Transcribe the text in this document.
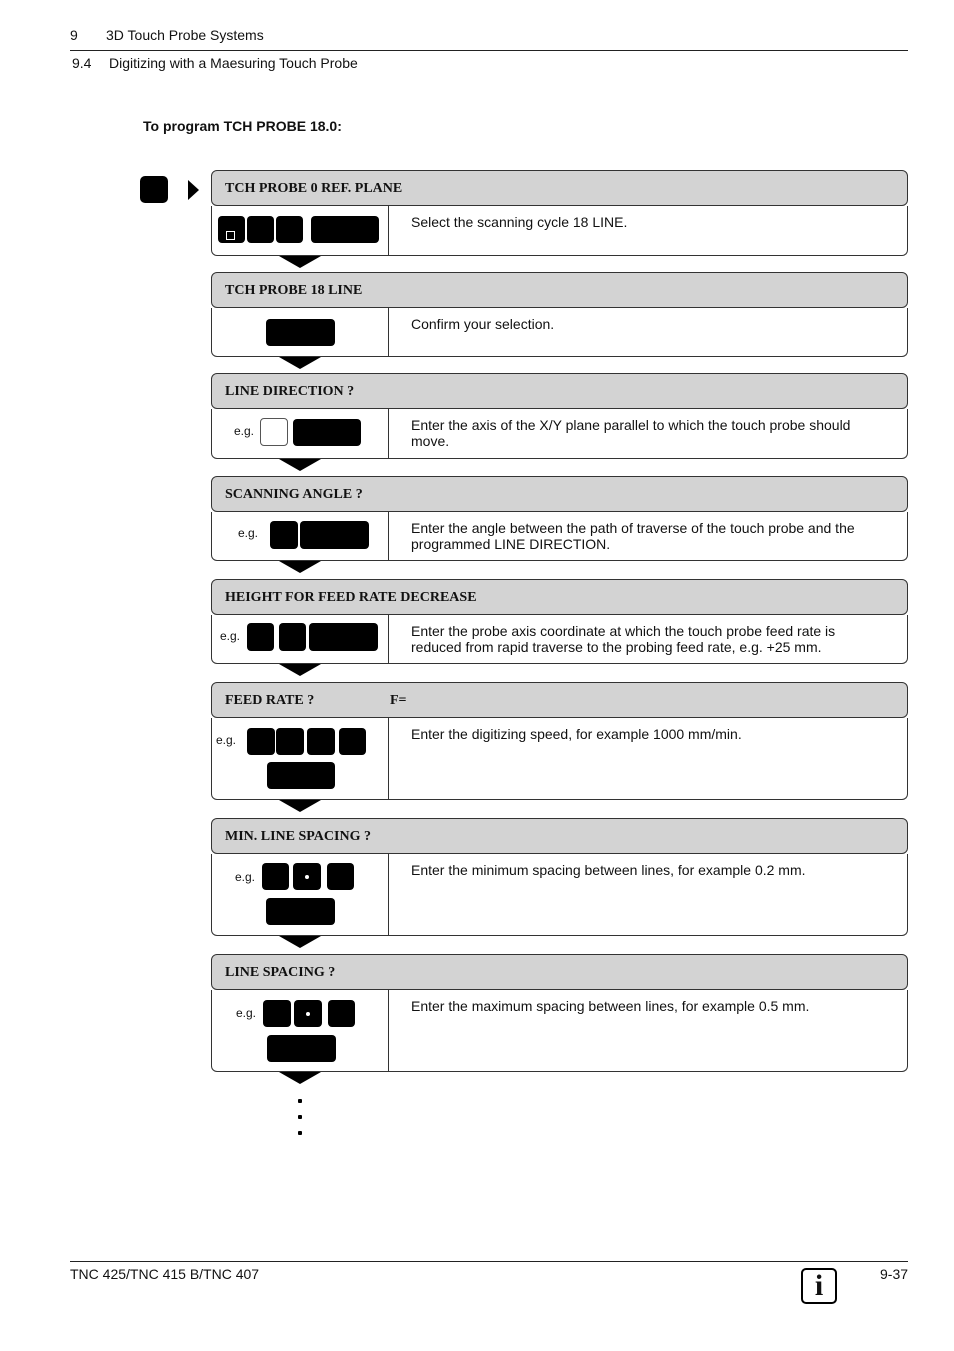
9 3D Touch Probe Systems
9.4 Digitizing with a Maesuring Touch Probe
To program TCH PROBE 18.0:
TCH PROBE 0 REF. PLANE
Select the scanning cycle 18 LINE.
TCH PROBE 18 LINE
Confirm your selection.
LINE DIRECTION ?
e.g.	Enter the axis of the X/Y plane parallel to which the touch probe should move.
SCANNING ANGLE ?
e.g.	Enter the angle between the path of traverse of the touch probe and the programmed LINE DIRECTION.
HEIGHT FOR FEED RATE DECREASE
e.g.	Enter the probe axis coordinate at which the touch probe feed rate is reduced from rapid traverse to the probing feed rate, e.g. +25 mm.
FEED RATE ?	F=
e.g.	Enter the digitizing speed, for example 1000 mm/min.
MIN. LINE SPACING ?
e.g.	Enter the minimum spacing between lines, for example 0.2 mm.
LINE SPACING ?
e.g.	Enter the maximum spacing between lines, for example 0.5 mm.
TNC 425/TNC 415 B/TNC 407	i	9-37
